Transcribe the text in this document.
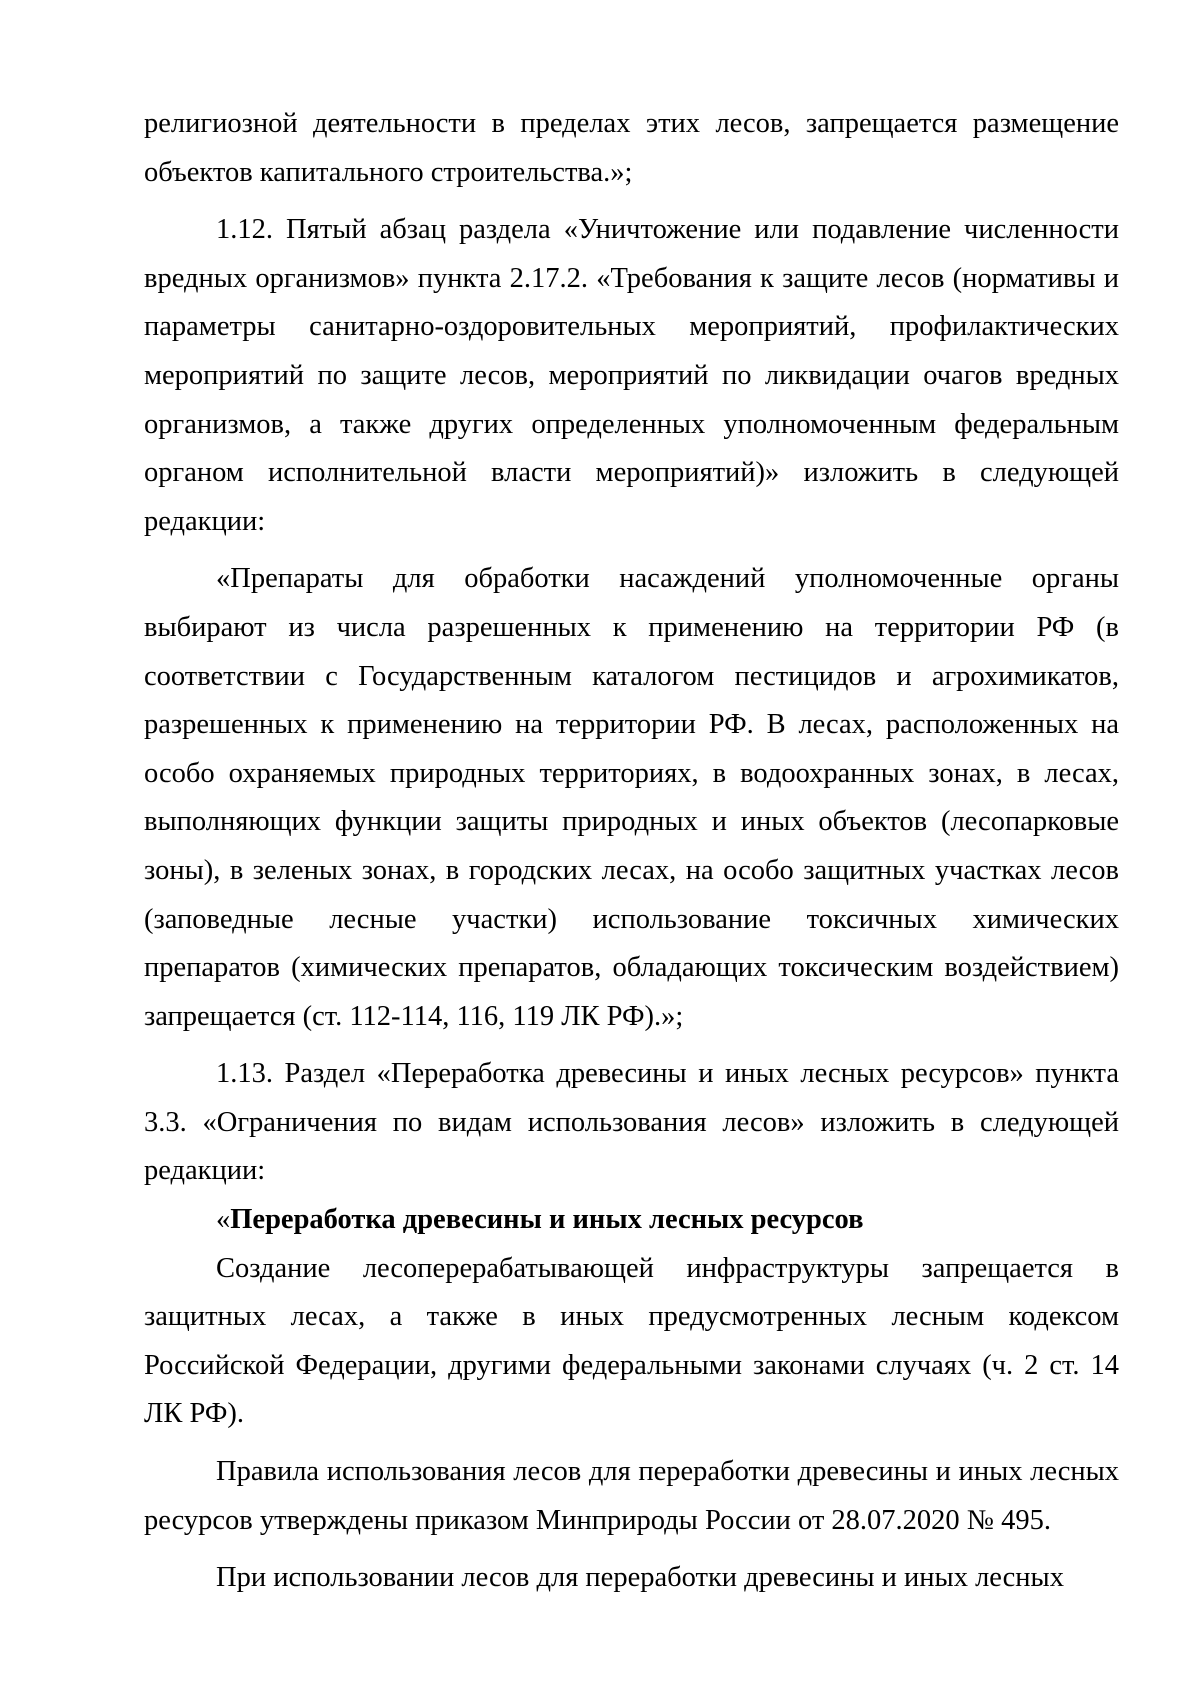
религиозной деятельности в пределах этих лесов, запрещается размещение объектов капитального строительства.»;

1.12. Пятый абзац раздела «Уничтожение или подавление численности вредных организмов» пункта 2.17.2. «Требования к защите лесов (нормативы и параметры санитарно-оздоровительных мероприятий, профилактических мероприятий по защите лесов, мероприятий по ликвидации очагов вредных организмов, а также других определенных уполномоченным федеральным органом исполнительной власти мероприятий)» изложить в следующей редакции:

«Препараты для обработки насаждений уполномоченные органы выбирают из числа разрешенных к применению на территории РФ (в соответствии с Государственным каталогом пестицидов и агрохимикатов, разрешенных к применению на территории РФ. В лесах, расположенных на особо охраняемых природных территориях, в водоохранных зонах, в лесах, выполняющих функции защиты природных и иных объектов (лесопарковые зоны), в зеленых зонах, в городских лесах, на особо защитных участках лесов (заповедные лесные участки) использование токсичных химических препаратов (химических препаратов, обладающих токсическим воздействием) запрещается (ст. 112-114, 116, 119 ЛК РФ).»;

1.13. Раздел «Переработка древесины и иных лесных ресурсов» пункта 3.3. «Ограничения по видам использования лесов» изложить в следующей редакции:

«Переработка древесины и иных лесных ресурсов

Создание лесоперерабатывающей инфраструктуры запрещается в защитных лесах, а также в иных предусмотренных лесным кодексом Российской Федерации, другими федеральными законами случаях (ч. 2 ст. 14 ЛК РФ).

Правила использования лесов для переработки древесины и иных лесных ресурсов утверждены приказом Минприроды России от 28.07.2020 № 495.

При использовании лесов для переработки древесины и иных лесных
